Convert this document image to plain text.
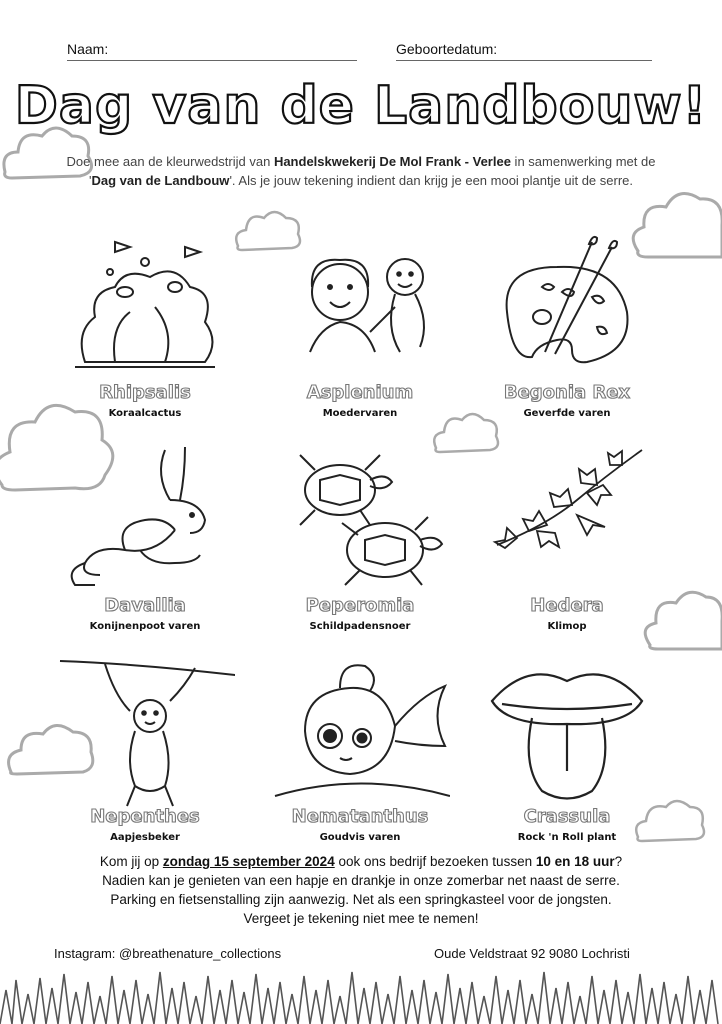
Naam:	Geboortedatum:
Dag van de Landbouw!
Doe mee aan de kleurwedstrijd van Handelskwekerij De Mol Frank - Verlee in samenwerking met de 'Dag van de Landbouw'. Als je jouw tekening indient dan krijg je een mooi plantje uit de serre.
Rhipsalis
Koraalcactus
Asplenium
Moedervaren
Begonia Rex
Geverfde varen
Davallia
Konijnenpoot varen
Peperomia
Schildpadensnoer
Hedera
Klimop
Nepenthes
Aapjesbeker
Nematanthus
Goudvis varen
Crassula
Rock 'n Roll plant
Kom jij op zondag 15 september 2024 ook ons bedrijf bezoeken tussen 10 en 18 uur?
Nadien kan je genieten van een hapje en drankje in onze zomerbar net naast de serre.
Parking en fietsenstalling zijn aanwezig. Net als een springkasteel voor de jongsten.
Vergeet je tekening niet mee te nemen!
Instagram: @breathenature_collections	Oude Veldstraat 92 9080 Lochristi
